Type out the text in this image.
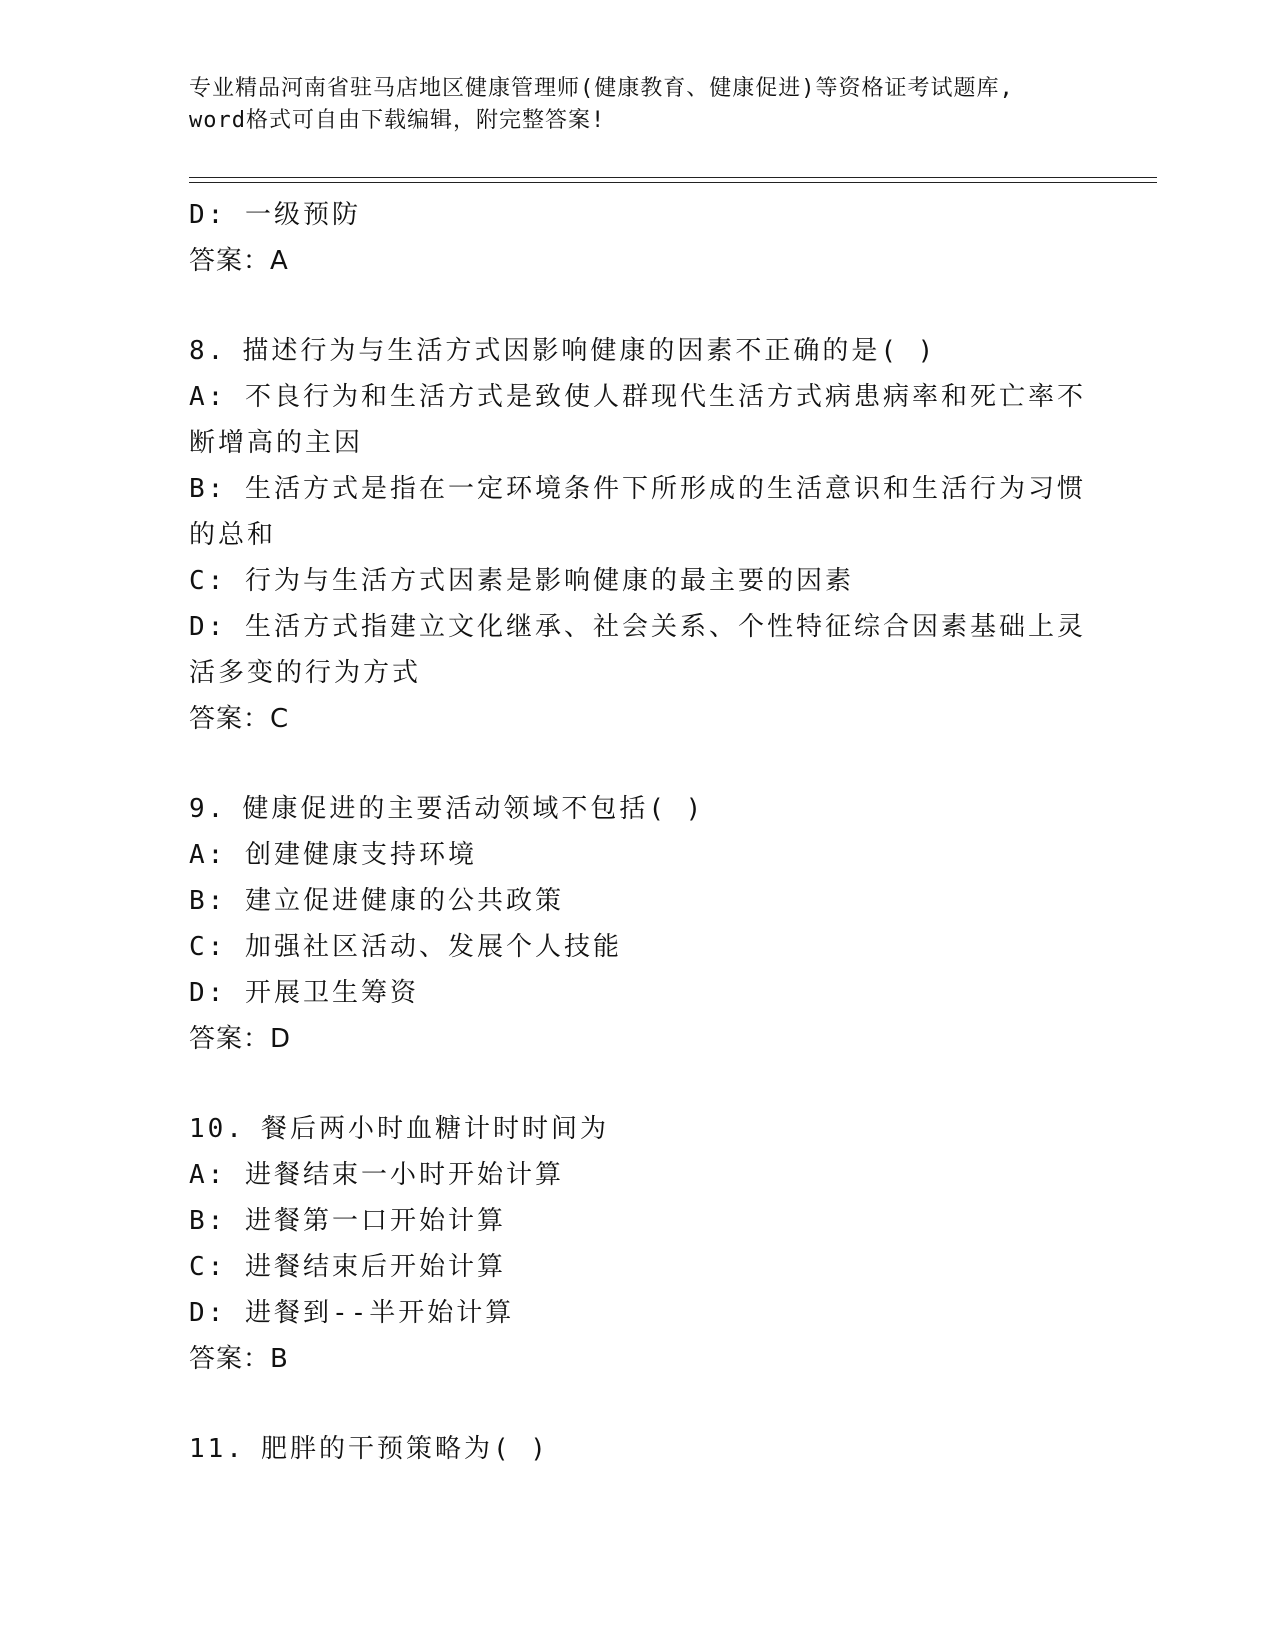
专业精品河南省驻马店地区健康管理师(健康教育、健康促进)等资格证考试题库,
word格式可自由下载编辑，附完整答案!
D: 一级预防
答案：A
8. 描述行为与生活方式因影响健康的因素不正确的是( )
A: 不良行为和生活方式是致使人群现代生活方式病患病率和死亡率不
断增高的主因
B: 生活方式是指在一定环境条件下所形成的生活意识和生活行为习惯
的总和
C: 行为与生活方式因素是影响健康的最主要的因素
D: 生活方式指建立文化继承、社会关系、个性特征综合因素基础上灵
活多变的行为方式
答案：C
9. 健康促进的主要活动领域不包括( )
A: 创建健康支持环境
B: 建立促进健康的公共政策
C: 加强社区活动、发展个人技能
D: 开展卫生筹资
答案：D
10. 餐后两小时血糖计时时间为
A: 进餐结束一小时开始计算
B: 进餐第一口开始计算
C: 进餐结束后开始计算
D: 进餐到--半开始计算
答案：B
11. 肥胖的干预策略为( )
